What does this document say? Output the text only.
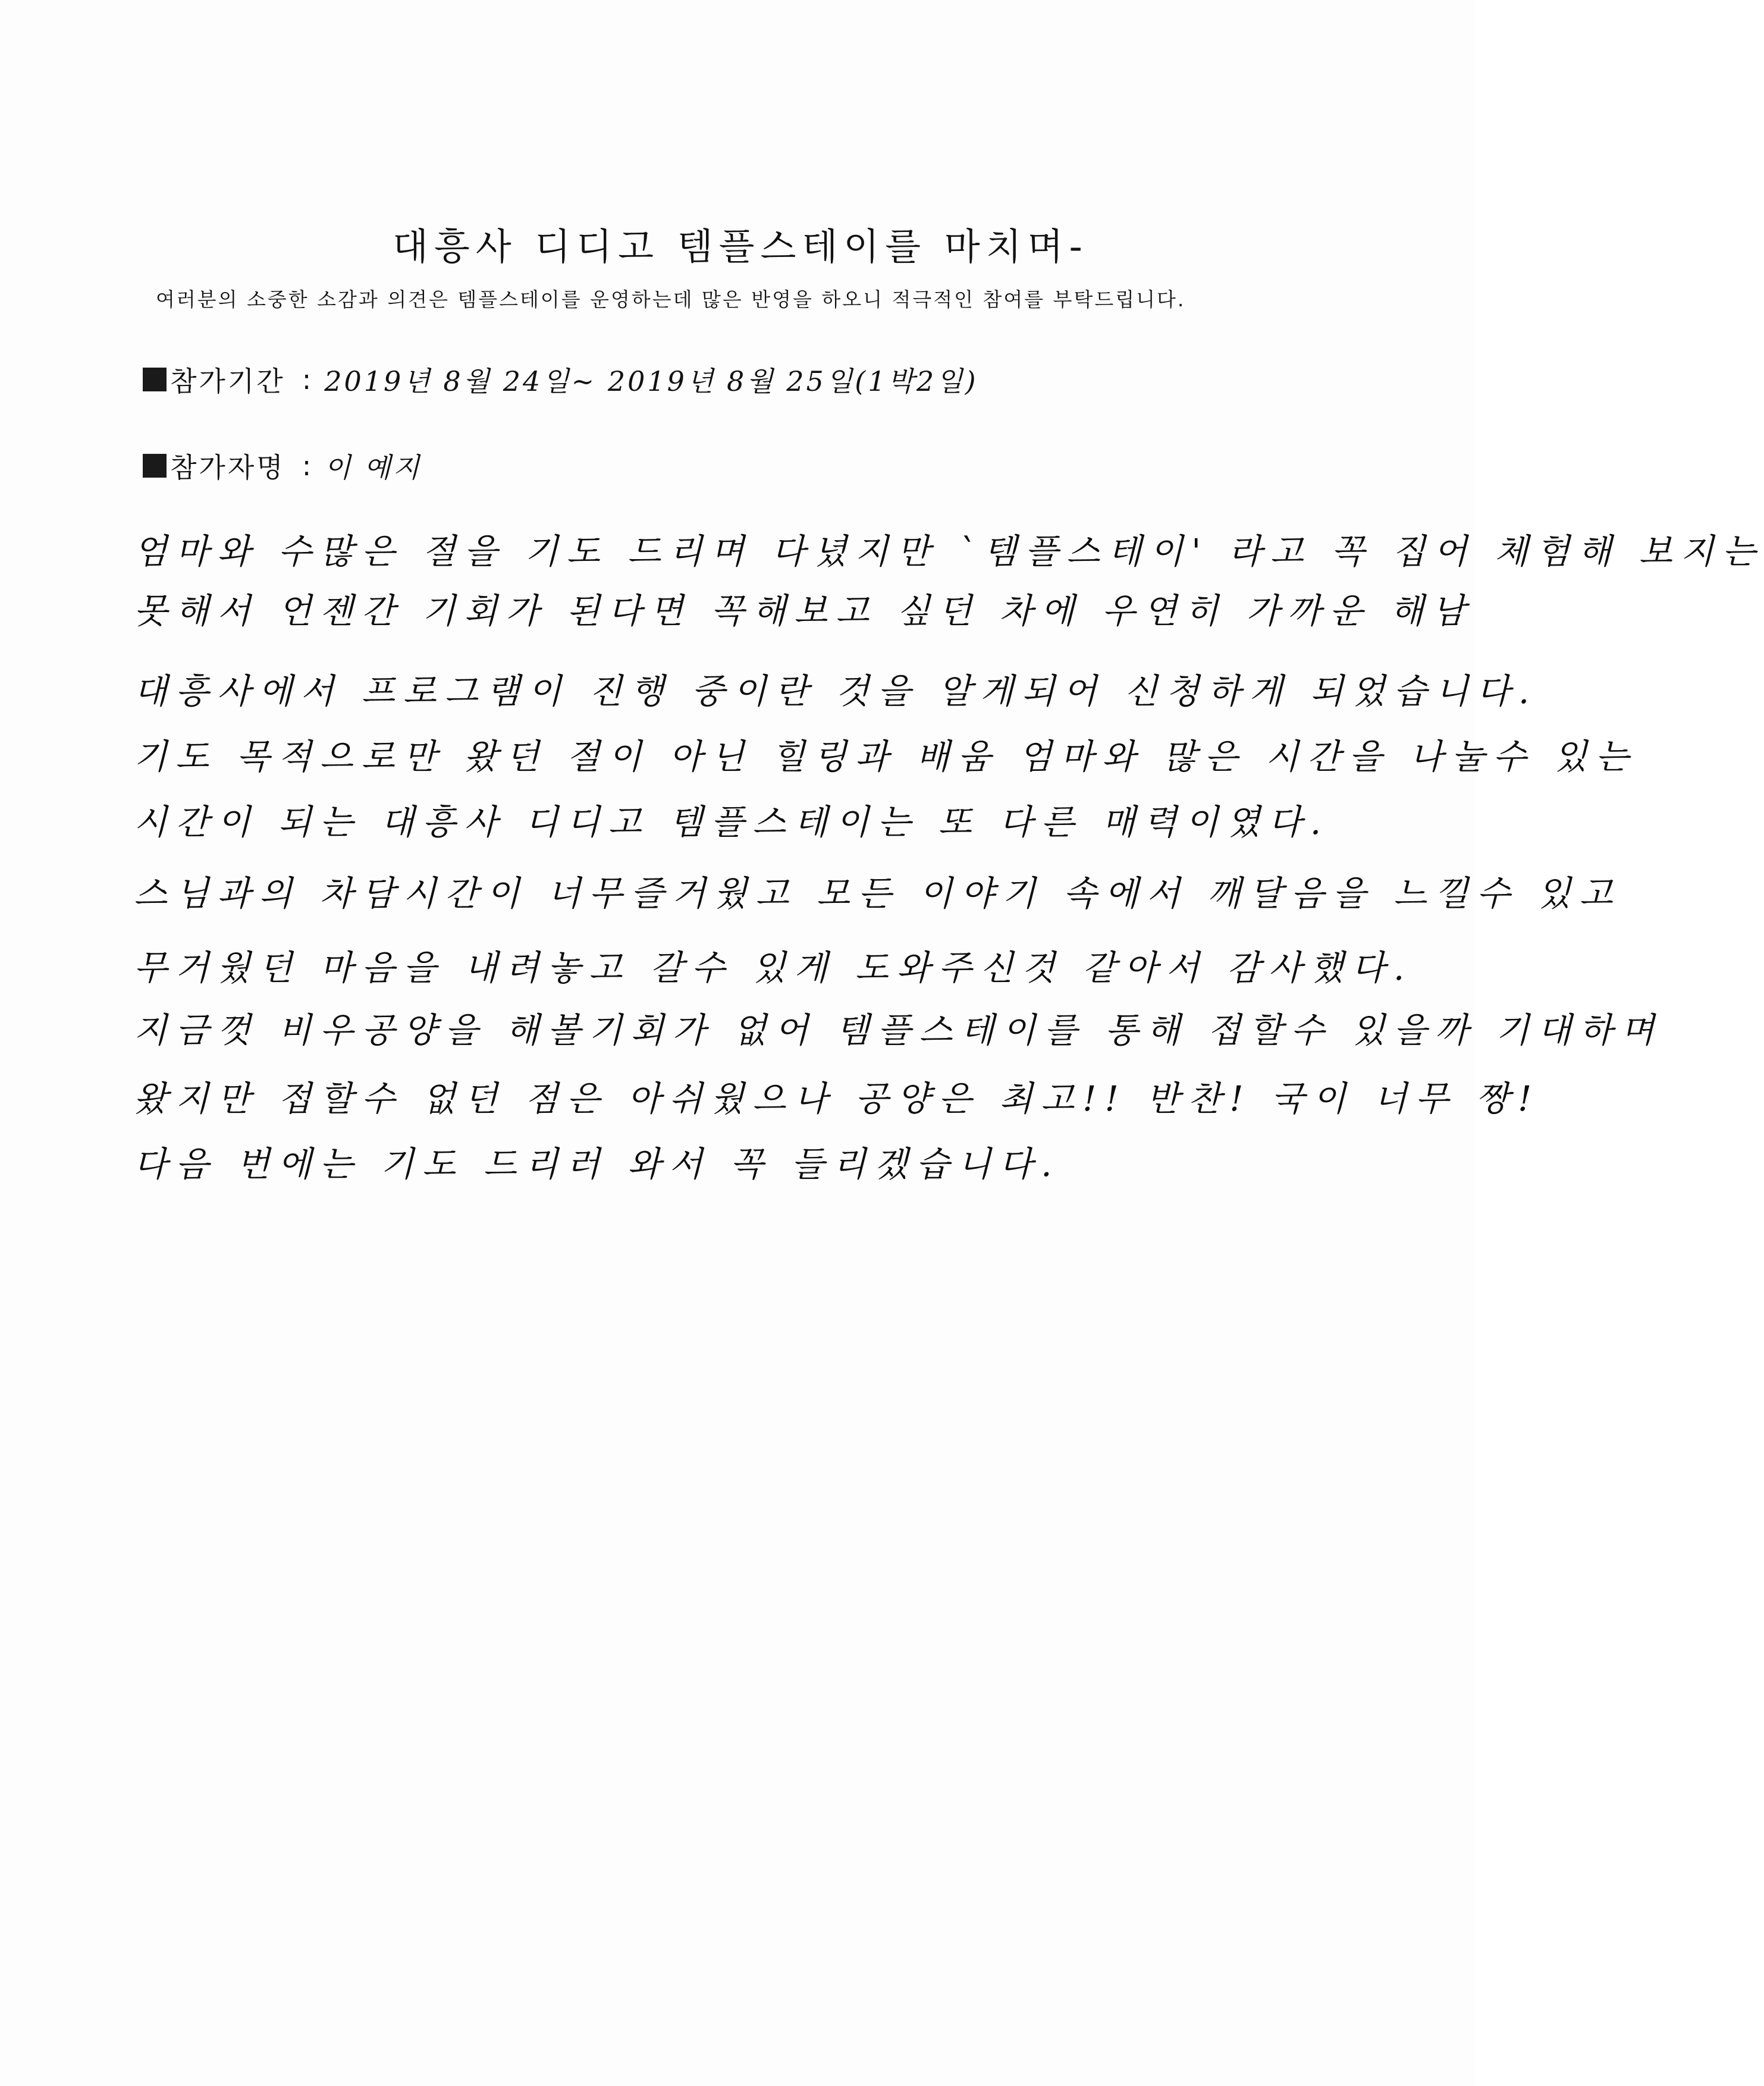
대흥사 디디고 템플스테이를 마치며-
여러분의 소중한 소감과 의견은 템플스테이를 운영하는데 많은 반영을 하오니 적극적인 참여를 부탁드립니다.
참가기간 : 2019년 8월 24일~ 2019년 8월 25일(1박2일)
참가자명 : 이 예지
엄마와 수많은 절을 기도 드리며 다녔지만 `템플스테이' 라고 꼭 집어 체험해 보지는
못해서 언젠간 기회가 된다면 꼭해보고 싶던 차에 우연히 가까운 해남
대흥사에서 프로그램이 진행 중이란 것을 알게되어 신청하게 되었습니다.
기도 목적으로만 왔던 절이 아닌 힐링과 배움 엄마와 많은 시간을 나눌수 있는
시간이 되는 대흥사 디디고 템플스테이는 또 다른 매력이였다.
스님과의 차담시간이 너무즐거웠고 모든 이야기 속에서 깨달음을 느낄수 있고
무거웠던 마음을 내려놓고 갈수 있게 도와주신것 같아서 감사했다.
지금껏 비우공양을 해볼기회가 없어 템플스테이를 통해 접할수 있을까 기대하며
왔지만 접할수 없던 점은 아쉬웠으나 공양은 최고!! 반찬! 국이 너무 짱!
다음 번에는 기도 드리러 와서 꼭 들리겠습니다.
